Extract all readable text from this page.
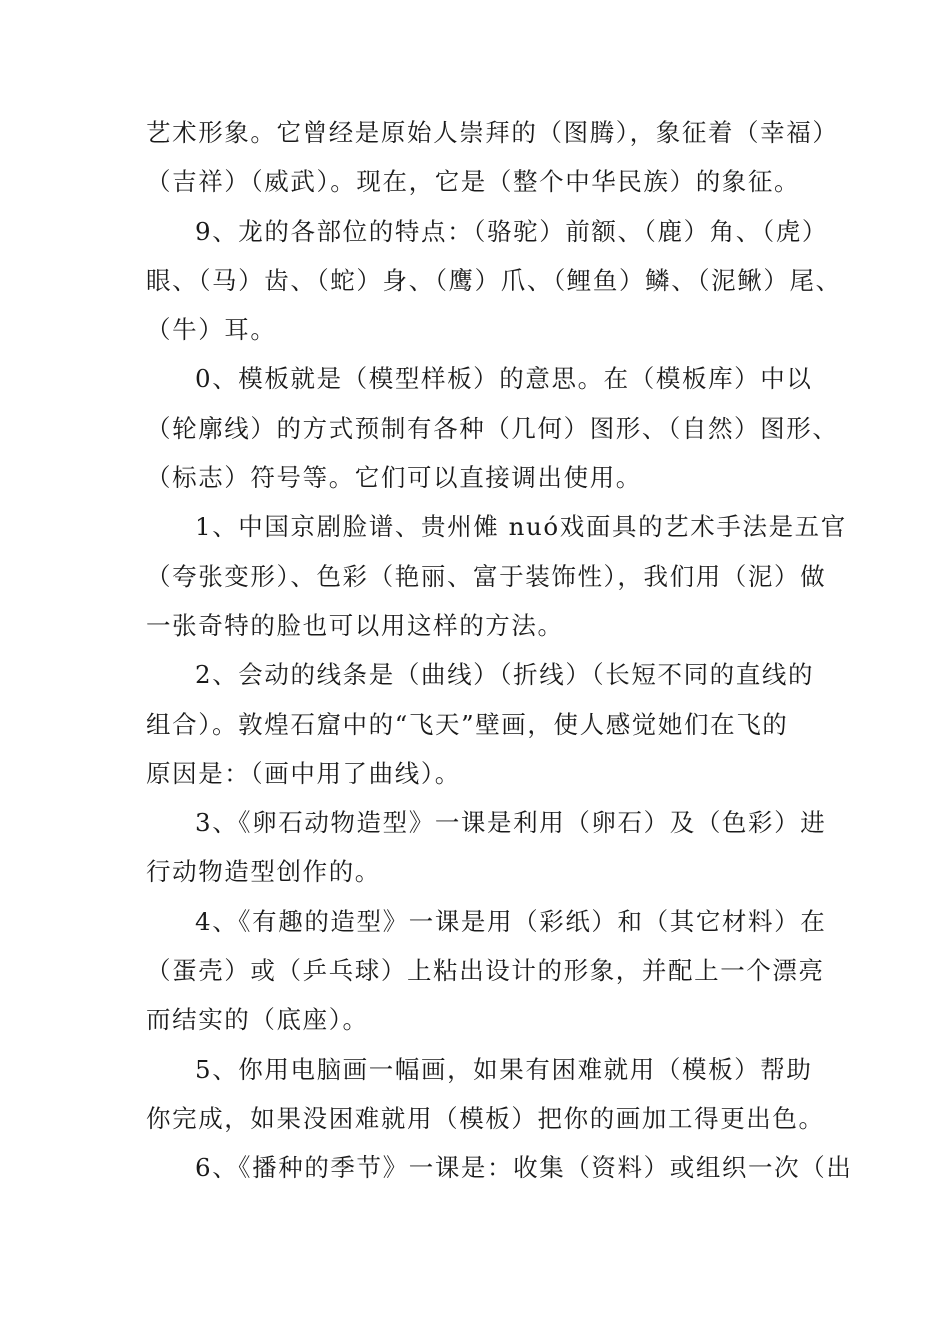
艺术形象。它曾经是原始人崇拜的（图腾），象征着（幸福）
（吉祥）（威武）。现在，它是（整个中华民族）的象征。
9、龙的各部位的特点：（骆驼）前额、（鹿）角、（虎）
眼、（马）齿、（蛇）身、（鹰）爪、（鲤鱼）鳞、（泥鳅）尾、
（牛）耳。
0、模板就是（模型样板）的意思。在（模板库）中以
（轮廓线）的方式预制有各种（几何）图形、（自然）图形、
（标志）符号等。它们可以直接调出使用。
1、中国京剧脸谱、贵州傩 nuó戏面具的艺术手法是五官
（夸张变形）、色彩（艳丽、富于装饰性），我们用（泥）做
一张奇特的脸也可以用这样的方法。
2、会动的线条是（曲线）（折线）（长短不同的直线的
组合）。敦煌石窟中的“飞天”壁画，使人感觉她们在飞的
原因是：（画中用了曲线）。
3、《卵石动物造型》一课是利用（卵石）及（色彩）进
行动物造型创作的。
4、《有趣的造型》一课是用（彩纸）和（其它材料）在
（蛋壳）或（乒乓球）上粘出设计的形象，并配上一个漂亮
而结实的（底座）。
5、你用电脑画一幅画，如果有困难就用（模板）帮助
你完成，如果没困难就用（模板）把你的画加工得更出色。
6、《播种的季节》一课是：收集（资料）或组织一次（出
